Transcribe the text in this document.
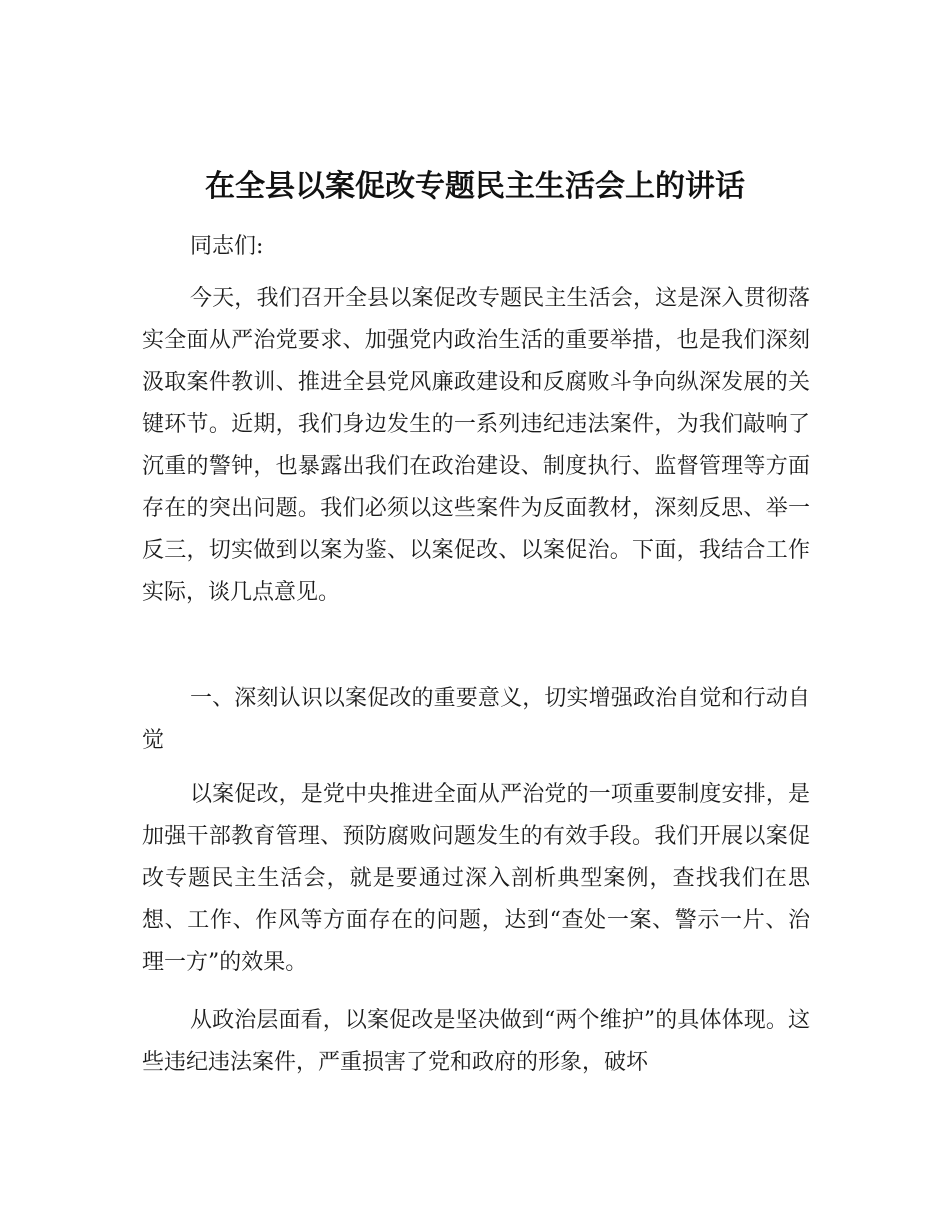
在全县以案促改专题民主生活会上的讲话

同志们:

今天，我们召开全县以案促改专题民主生活会，这是深入贯彻落实全面从严治党要求、加强党内政治生活的重要举措，也是我们深刻汲取案件教训、推进全县党风廉政建设和反腐败斗争向纵深发展的关键环节。近期，我们身边发生的一系列违纪违法案件，为我们敲响了沉重的警钟，也暴露出我们在政治建设、制度执行、监督管理等方面存在的突出问题。我们必须以这些案件为反面教材，深刻反思、举一反三，切实做到以案为鉴、以案促改、以案促治。下面，我结合工作实际，谈几点意见。

一、深刻认识以案促改的重要意义，切实增强政治自觉和行动自觉

以案促改，是党中央推进全面从严治党的一项重要制度安排，是加强干部教育管理、预防腐败问题发生的有效手段。我们开展以案促改专题民主生活会，就是要通过深入剖析典型案例，查找我们在思想、工作、作风等方面存在的问题，达到“查处一案、警示一片、治理一方”的效果。

从政治层面看，以案促改是坚决做到“两个维护”的具体体现。这些违纪违法案件，严重损害了党和政府的形象，破坏
